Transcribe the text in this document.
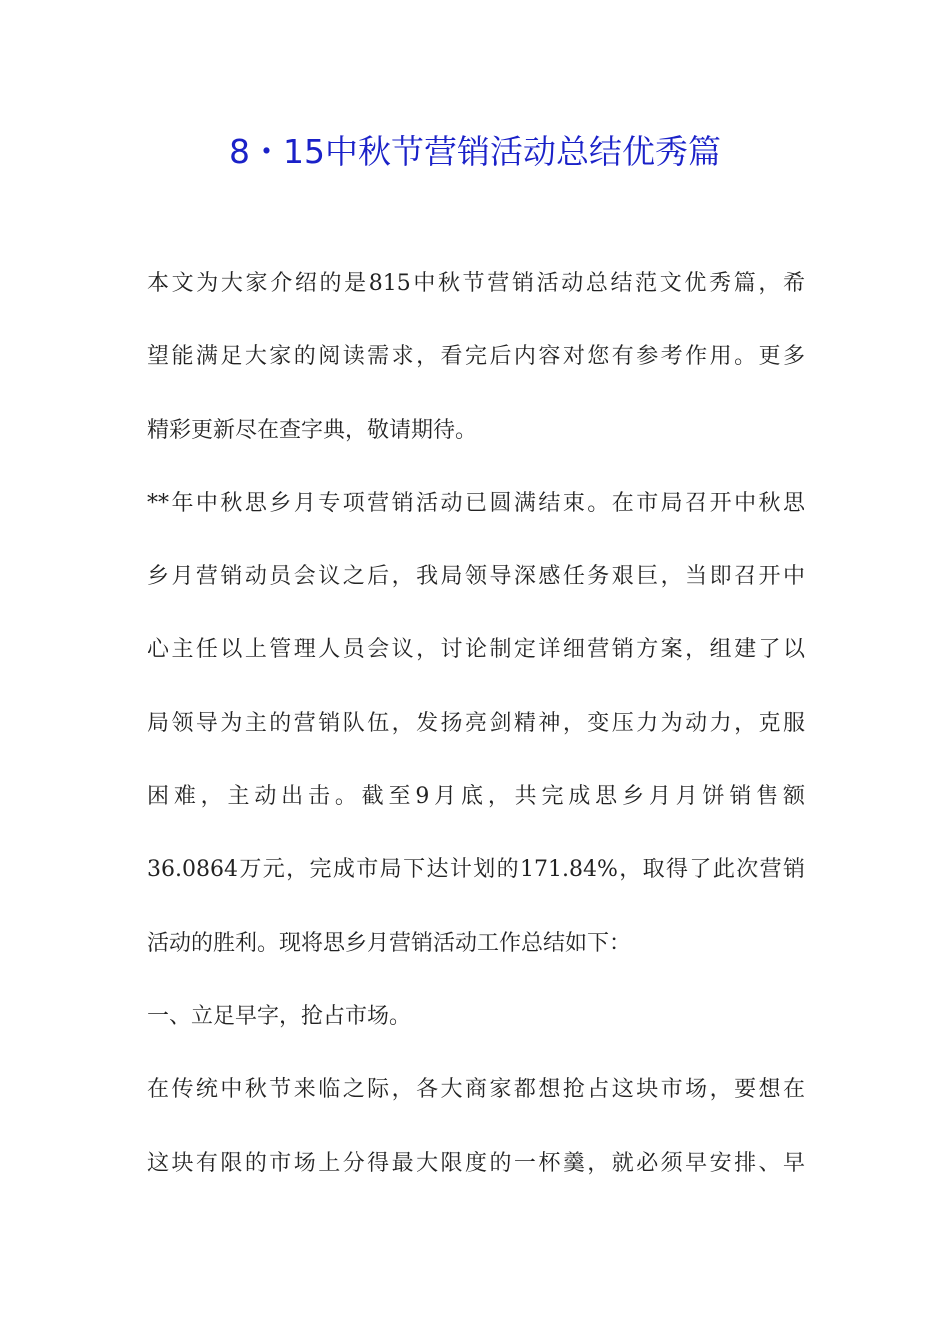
8・15中秋节营销活动总结优秀篇
本文为大家介绍的是815中秋节营销活动总结范文优秀篇，希
望能满足大家的阅读需求，看完后内容对您有参考作用。更多
精彩更新尽在查字典，敬请期待。
**年中秋思乡月专项营销活动已圆满结束。在市局召开中秋思
乡月营销动员会议之后，我局领导深感任务艰巨，当即召开中
心主任以上管理人员会议，讨论制定详细营销方案，组建了以
局领导为主的营销队伍，发扬亮剑精神，变压力为动力，克服
困难，主动出击。截至9月底，共完成思乡月月饼销售额
36.0864万元，完成市局下达计划的171.84%，取得了此次营销
活动的胜利。现将思乡月营销活动工作总结如下：
一、立足早字，抢占市场。
在传统中秋节来临之际，各大商家都想抢占这块市场，要想在
这块有限的市场上分得最大限度的一杯羹，就必须早安排、早
